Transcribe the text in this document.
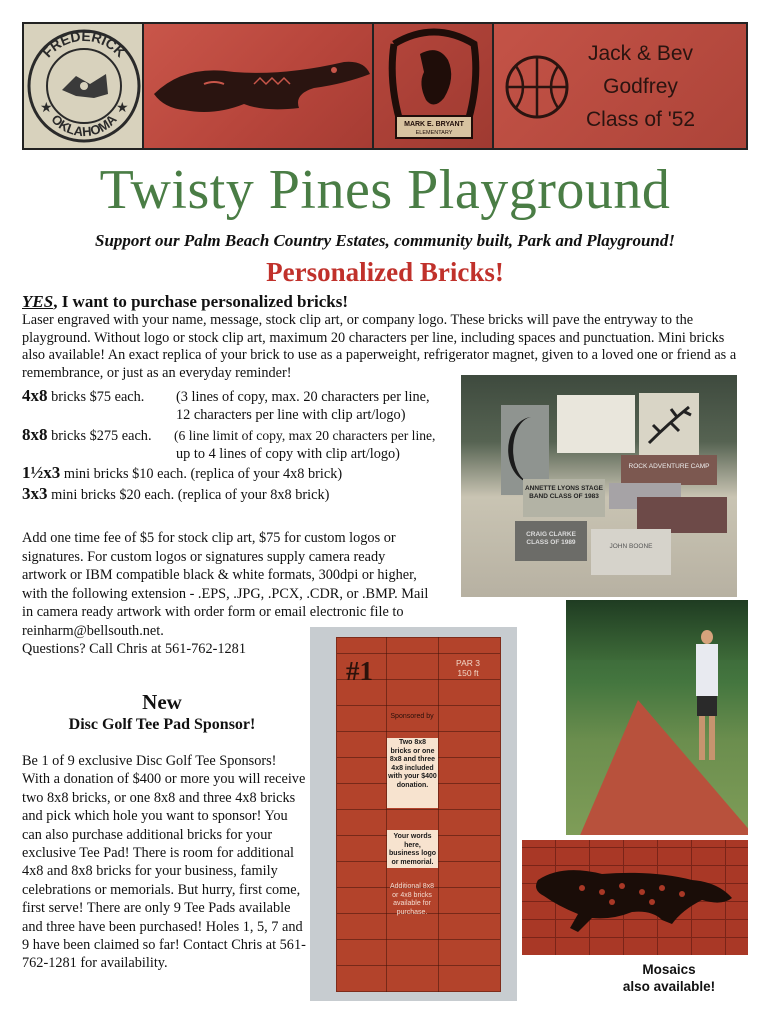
FREDERICK
OKLAHOMA
★	★
MARK E. BRYANT
ELEMENTARY
Jack & Bev
Godfrey
Class of '52
Twisty Pines Playground
Support our Palm Beach Country Estates, community built, Park and Playground!
Personalized Bricks!
YES, I want to purchase personalized bricks!
Laser engraved with your name, message, stock clip art, or company logo. These bricks will pave the entryway to the playground. Without logo or stock clip art, maximum 20 characters per line, including spaces and punctuation. Mini bricks also available! An exact replica of your brick to use as a paperweight, refrigerator magnet, given to a loved one or friend as a remembrance, or just as an everyday reminder!
4x8 bricks $75 each. (3 lines of copy, max. 20 characters per line,
12 characters per line with clip art/logo)
8x8 bricks $275 each. (6 line limit of copy, max 20 characters per line,
up to 4 lines of copy with clip art/logo)
1½x3 mini bricks $10 each. (replica of your 4x8 brick)
3x3 mini bricks $20 each. (replica of your 8x8 brick)	ANNETTE LYONS STAGE BAND CLASS OF 1983
ROCK ADVENTURE CAMP
CRAIG CLARKE CLASS OF 1989
JOHN BOONE
Add one time fee of $5 for stock clip art, $75 for custom logos or signatures. For custom logos or signatures supply camera ready artwork or IBM compatible black & white formats, 300dpi or higher, with the following extension - .EPS, .JPG, .PCX, .CDR, or .BMP. Mail in camera ready artwork with order form or email electronic file to reinharm@bellsouth.net.
Questions? Call Chris at 561-762-1281
#1	PAR 3
150 ft
Sponsored by
Two 8x8 bricks or one 8x8 and three 4x8 included with your $400 donation.
Your words here, business logo or memorial.
Additional 8x8 or 4x8 bricks available for purchase.
New
Disc Golf Tee Pad Sponsor!
Be 1 of 9 exclusive Disc Golf Tee Sponsors! With a donation of $400 or more you will receive two 8x8 bricks, or one 8x8 and three 4x8 bricks and pick which hole you want to sponsor! You can also purchase additional bricks for your exclusive Tee Pad! There is room for additional 4x8 and 8x8 bricks for your business, family celebrations or memorials. But hurry, first come, first serve! There are only 9 Tee Pads available and three have been purchased! Holes 1, 5, 7 and 9 have been claimed so far! Contact Chris at 561-762-1281 for availability.	Mosaics
also available!
